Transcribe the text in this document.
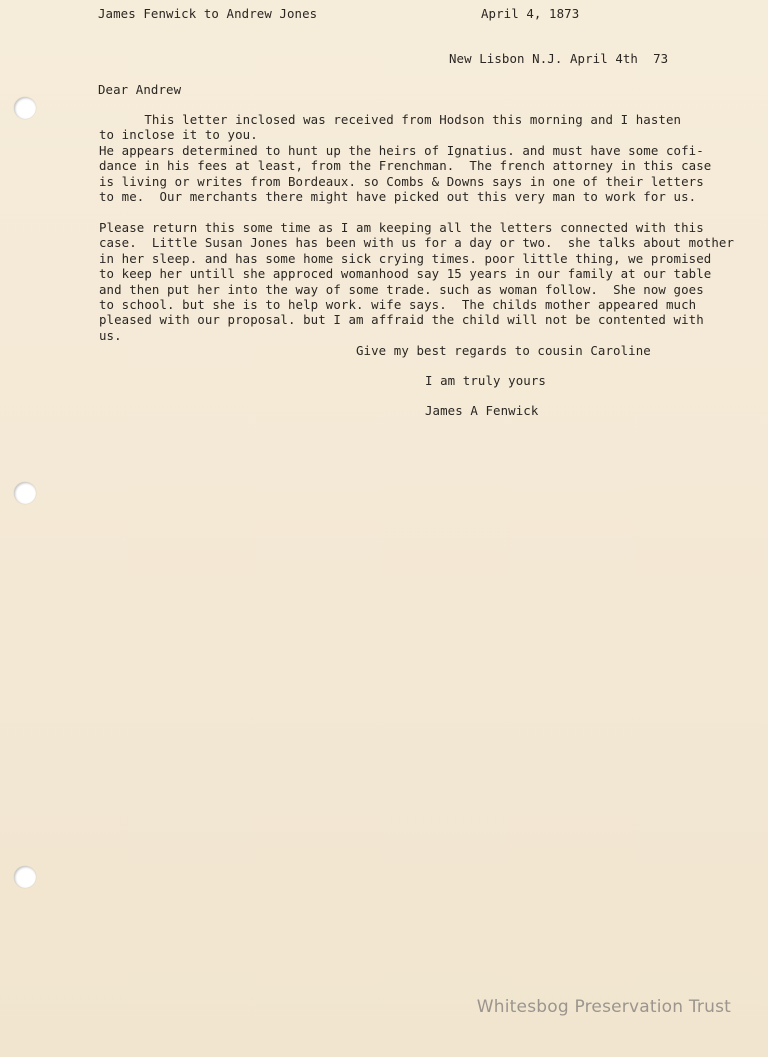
James Fenwick to Andrew Jones	April 4, 1873
New Lisbon N.J. April 4th  73
Dear Andrew
This letter inclosed was received from Hodson this morning and I hasten
to inclose it to you.
He appears determined to hunt up the heirs of Ignatius. and must have some cofi-
dance in his fees at least, from the Frenchman.  The french attorney in this case
is living or writes from Bordeaux. so Combs & Downs says in one of their letters
to me.  Our merchants there might have picked out this very man to work for us.
Please return this some time as I am keeping all the letters connected with this
case.  Little Susan Jones has been with us for a day or two.  she talks about mother
in her sleep. and has some home sick crying times. poor little thing, we promised
to keep her untill she approced womanhood say 15 years in our family at our table
and then put her into the way of some trade. such as woman follow.  She now goes
to school. but she is to help work. wife says.  The childs mother appeared much
pleased with our proposal. but I am affraid the child will not be contented with
us.
Give my best regards to cousin Caroline
I am truly yours
James A Fenwick
Whitesbog Preservation Trust
